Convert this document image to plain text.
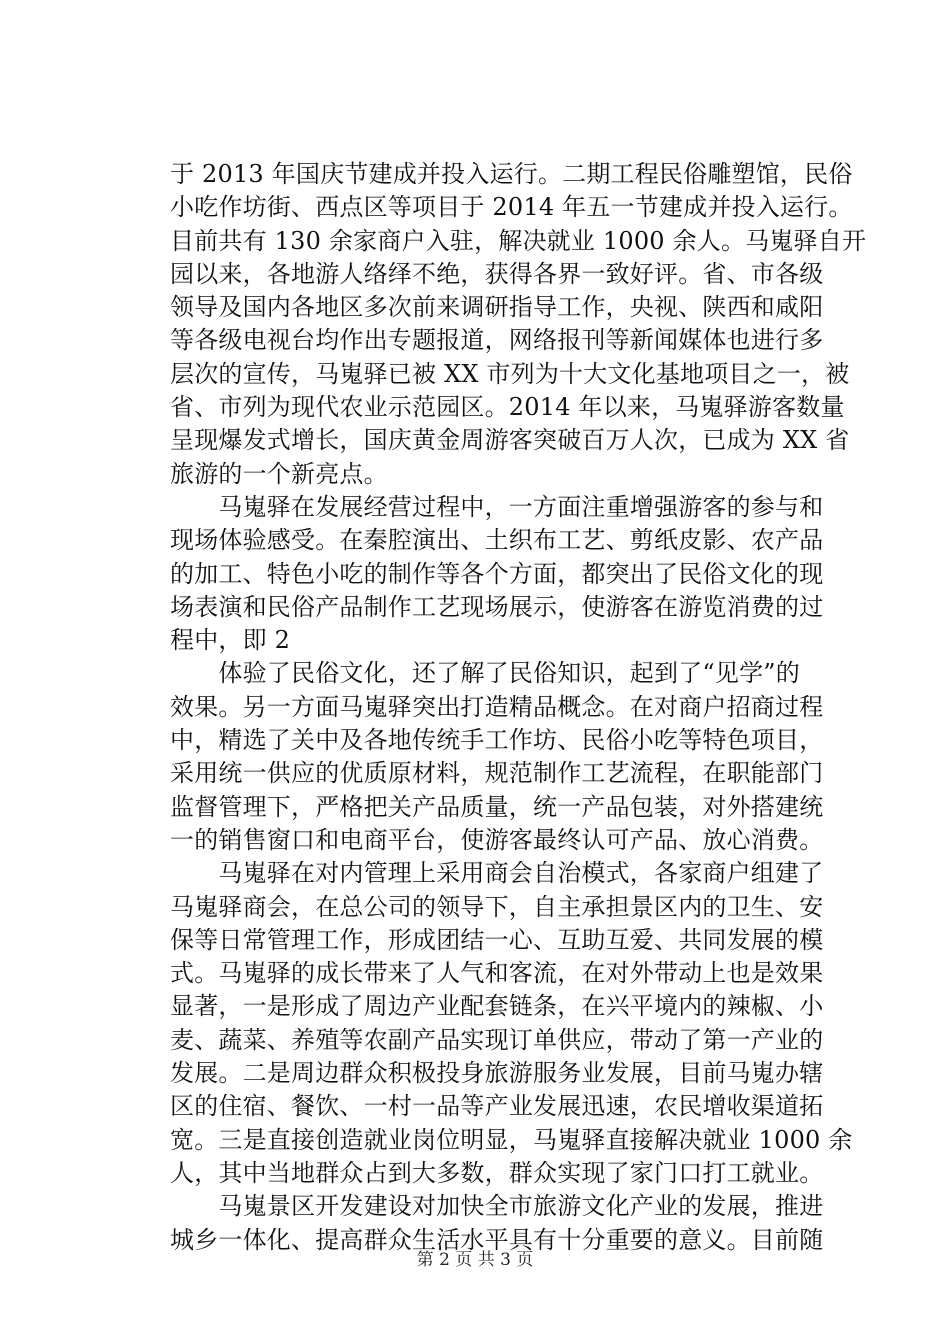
于 2013 年国庆节建成并投入运行。二期工程民俗雕塑馆，民俗
小吃作坊街、西点区等项目于 2014 年五一节建成并投入运行。
目前共有 130 余家商户入驻，解决就业 1000 余人。马嵬驿自开
园以来，各地游人络绎不绝，获得各界一致好评。省、市各级
领导及国内各地区多次前来调研指导工作，央视、陕西和咸阳
等各级电视台均作出专题报道，网络报刊等新闻媒体也进行多
层次的宣传，马嵬驿已被 XX 市列为十大文化基地项目之一，被
省、市列为现代农业示范园区。2014 年以来，马嵬驿游客数量
呈现爆发式增长，国庆黄金周游客突破百万人次，已成为 XX 省
旅游的一个新亮点。
　　马嵬驿在发展经营过程中，一方面注重增强游客的参与和
现场体验感受。在秦腔演出、土织布工艺、剪纸皮影、农产品
的加工、特色小吃的制作等各个方面，都突出了民俗文化的现
场表演和民俗产品制作工艺现场展示，使游客在游览消费的过
程中，即 2
　　体验了民俗文化，还了解了民俗知识，起到了“见学”的
效果。另一方面马嵬驿突出打造精品概念。在对商户招商过程
中，精选了关中及各地传统手工作坊、民俗小吃等特色项目，
采用统一供应的优质原材料，规范制作工艺流程，在职能部门
监督管理下，严格把关产品质量，统一产品包装，对外搭建统
一的销售窗口和电商平台，使游客最终认可产品、放心消费。
　　马嵬驿在对内管理上采用商会自治模式，各家商户组建了
马嵬驿商会，在总公司的领导下，自主承担景区内的卫生、安
保等日常管理工作，形成团结一心、互助互爱、共同发展的模
式。马嵬驿的成长带来了人气和客流，在对外带动上也是效果
显著，一是形成了周边产业配套链条，在兴平境内的辣椒、小
麦、蔬菜、养殖等农副产品实现订单供应，带动了第一产业的
发展。二是周边群众积极投身旅游服务业发展，目前马嵬办辖
区的住宿、餐饮、一村一品等产业发展迅速，农民增收渠道拓
宽。三是直接创造就业岗位明显，马嵬驿直接解决就业 1000 余
人，其中当地群众占到大多数，群众实现了家门口打工就业。
　　马嵬景区开发建设对加快全市旅游文化产业的发展，推进
城乡一体化、提高群众生活水平具有十分重要的意义。目前随
第 2 页 共 3 页
